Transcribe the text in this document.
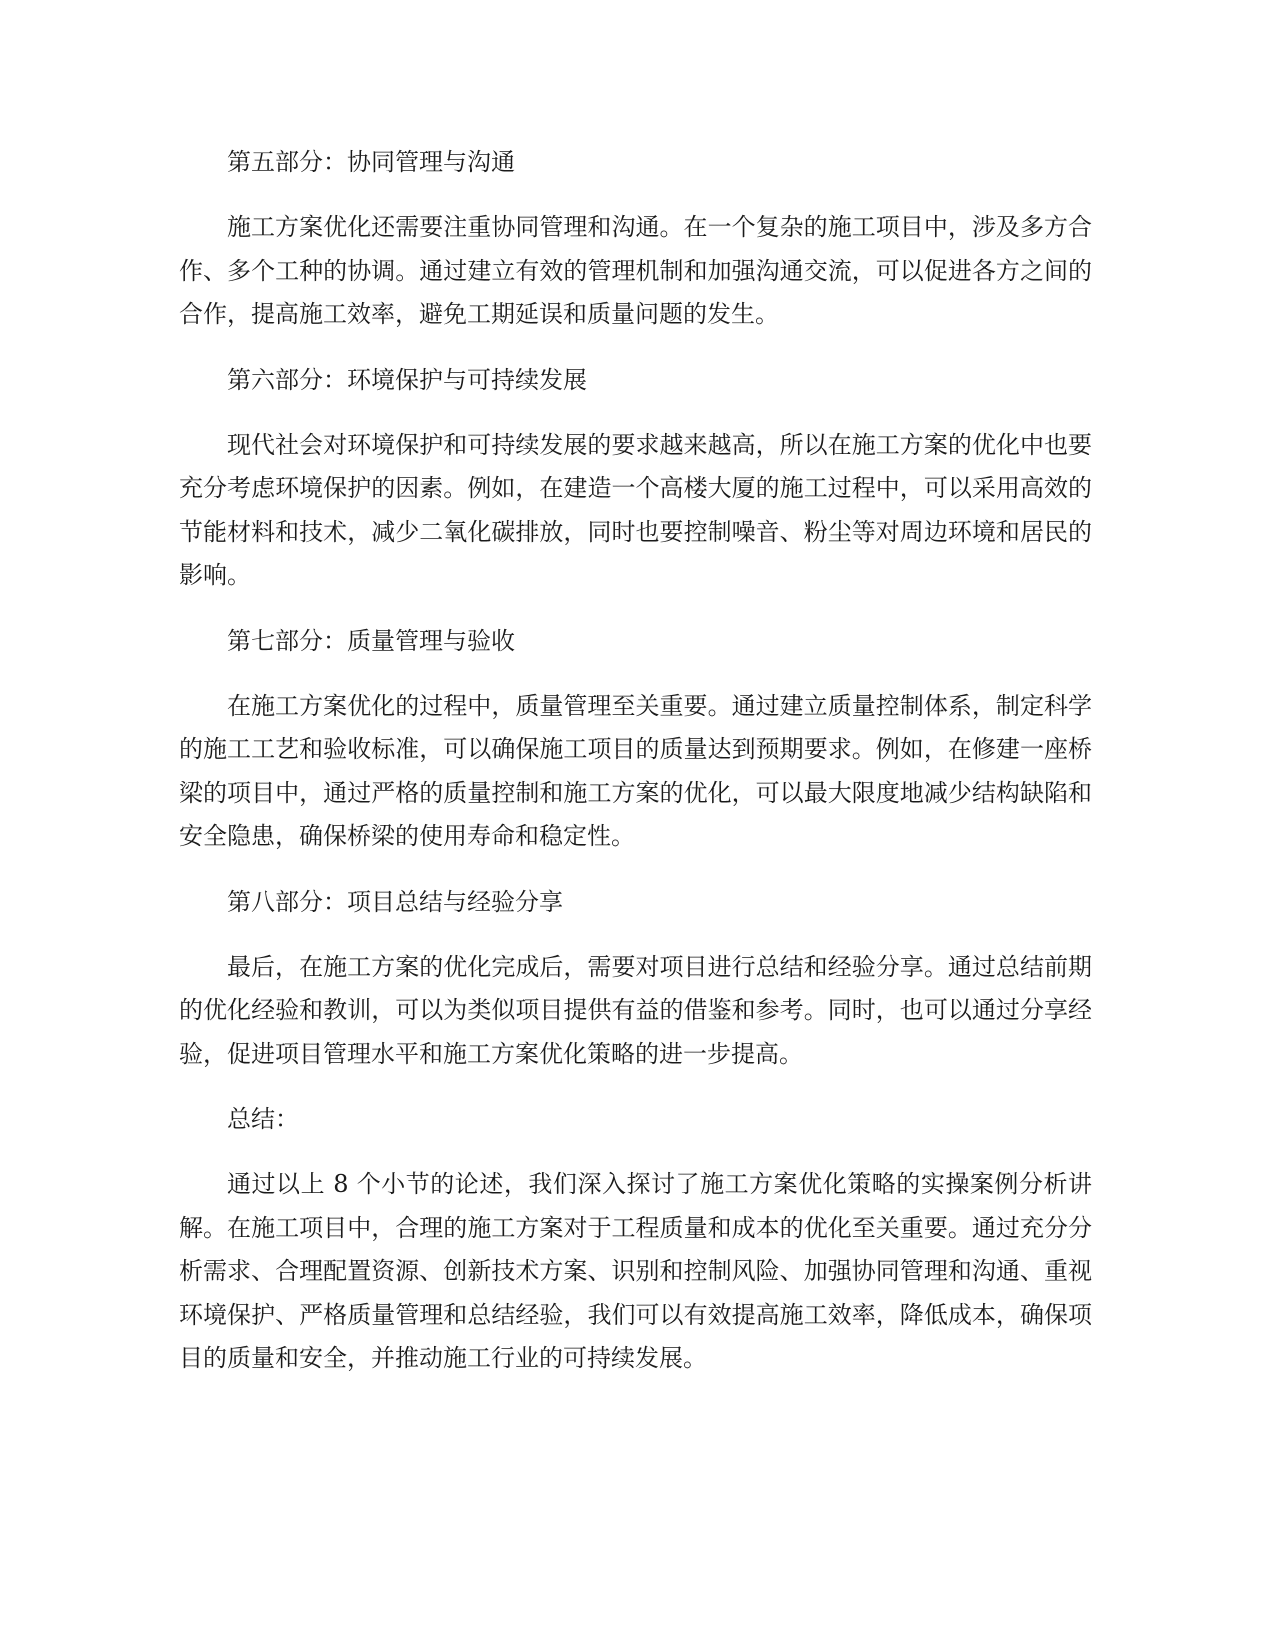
第五部分：协同管理与沟通

施工方案优化还需要注重协同管理和沟通。在一个复杂的施工项目中，涉及多方合作、多个工种的协调。通过建立有效的管理机制和加强沟通交流，可以促进各方之间的合作，提高施工效率，避免工期延误和质量问题的发生。

第六部分：环境保护与可持续发展

现代社会对环境保护和可持续发展的要求越来越高，所以在施工方案的优化中也要充分考虑环境保护的因素。例如，在建造一个高楼大厦的施工过程中，可以采用高效的节能材料和技术，减少二氧化碳排放，同时也要控制噪音、粉尘等对周边环境和居民的影响。

第七部分：质量管理与验收

在施工方案优化的过程中，质量管理至关重要。通过建立质量控制体系，制定科学的施工工艺和验收标准，可以确保施工项目的质量达到预期要求。例如，在修建一座桥梁的项目中，通过严格的质量控制和施工方案的优化，可以最大限度地减少结构缺陷和安全隐患，确保桥梁的使用寿命和稳定性。

第八部分：项目总结与经验分享

最后，在施工方案的优化完成后，需要对项目进行总结和经验分享。通过总结前期的优化经验和教训，可以为类似项目提供有益的借鉴和参考。同时，也可以通过分享经验，促进项目管理水平和施工方案优化策略的进一步提高。

总结：

通过以上 8 个小节的论述，我们深入探讨了施工方案优化策略的实操案例分析讲解。在施工项目中，合理的施工方案对于工程质量和成本的优化至关重要。通过充分分析需求、合理配置资源、创新技术方案、识别和控制风险、加强协同管理和沟通、重视环境保护、严格质量管理和总结经验，我们可以有效提高施工效率，降低成本，确保项目的质量和安全，并推动施工行业的可持续发展。
